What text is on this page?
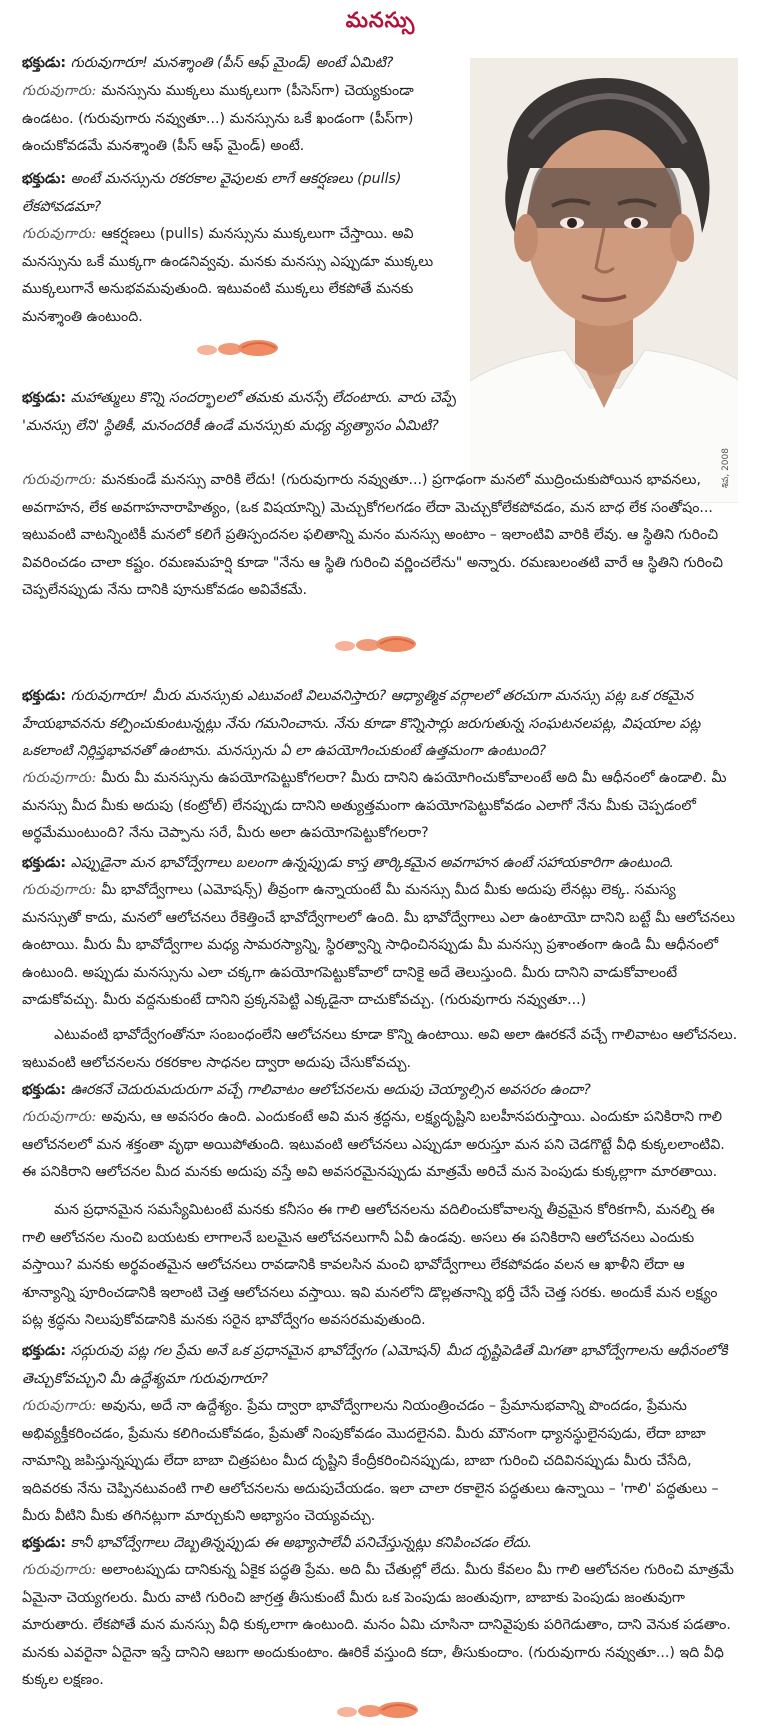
మనస్సు
శివ, 2008

భక్తుడు: గురువుగారూ! మనశ్శాంతి (పీస్ ఆఫ్ మైండ్) అంటే ఏమిటి?

గురువుగారు: మనస్సును ముక్కలు ముక్కలుగా (పీసెస్‌గా) చెయ్యకుండా ఉండటం. (గురువుగారు నవ్వుతూ...) మనస్సును ఒకే ఖండంగా (పీస్‌గా) ఉంచుకోవడమే మనశ్శాంతి (పీస్ ఆఫ్ మైండ్) అంటే.

భక్తుడు: అంటే మనస్సును రకరకాల వైపులకు లాగే ఆకర్షణలు (pulls) లేకపోవడమా?

గురువుగారు: ఆకర్షణలు (pulls) మనస్సును ముక్కలుగా చేస్తాయి. అవి మనస్సును ఒకే ముక్కగా ఉండనివ్వవు. మనకు మనస్సు ఎప్పుడూ ముక్కలు ముక్కలుగానే అనుభవమవుతుంది. ఇటువంటి ముక్కలు లేకపోతే మనకు మనశ్శాంతి ఉంటుంది.

భక్తుడు: మహాత్ములు కొన్ని సందర్భాలలో తమకు మనస్సే లేదంటారు. వారు చెప్పే 'మనస్సు లేని' స్థితికీ, మనందరికీ ఉండే మనస్సుకు మధ్య వ్యత్యాసం ఏమిటి?

గురువుగారు: మనకుండే మనస్సు వారికి లేదు! (గురువుగారు నవ్వుతూ...) ప్రగాఢంగా మనలో ముద్రించుకుపోయిన భావనలు, అవగాహన, లేక అవగాహనారాహిత్యం, (ఒక విషయాన్ని) మెచ్చుకోగలగడం లేదా మెచ్చుకోలేకపోవడం, మన బాధ లేక సంతోషం... ఇటువంటి వాటన్నింటికీ మనలో కలిగే ప్రతిస్పందనల ఫలితాన్ని మనం మనస్సు అంటాం – ఇలాంటివి వారికి లేవు. ఆ స్థితిని గురించి వివరించడం చాలా కష్టం. రమణమహర్షి కూడా "నేను ఆ స్థితి గురించి వర్ణించలేను" అన్నారు. రమణులంతటి వారే ఆ స్థితిని గురించి చెప్పలేనప్పుడు నేను దానికి పూనుకోవడం అవివేకమే.

భక్తుడు: గురువుగారూ! మీరు మనస్సుకు ఎటువంటి విలువనిస్తారు? ఆధ్యాత్మిక వర్గాలలో తరచుగా మనస్సు పట్ల ఒక రకమైన హేయభావనను కల్పించుకుంటున్నట్లు నేను గమనించాను. నేను కూడా కొన్నిసార్లు జరుగుతున్న సంఘటనలపట్ల, విషయాల పట్ల ఒకలాంటి నిర్లిప్తభావనతో ఉంటాను. మనస్సును ఏ లా ఉపయోగించుకుంటే ఉత్తమంగా ఉంటుంది?

గురువుగారు: మీరు మీ మనస్సును ఉపయోగపెట్టుకోగలరా? మీరు దానిని ఉపయోగించుకోవాలంటే అది మీ ఆధీనంలో ఉండాలి. మీ మనస్సు మీద మీకు అదుపు (కంట్రోల్) లేనప్పుడు దానిని అత్యుత్తమంగా ఉపయోగపెట్టుకోవడం ఎలాగో నేను మీకు చెప్పడంలో అర్థమేముంటుంది? నేను చెప్పాను సరే, మీరు అలా ఉపయోగపెట్టుకోగలరా?

భక్తుడు: ఎప్పుడైనా మన భావోద్వేగాలు బలంగా ఉన్నప్పుడు కాస్త తార్కికమైన అవగాహన ఉంటే సహాయకారిగా ఉంటుంది.

గురువుగారు: మీ భావోద్వేగాలు (ఎమోషన్స్) తీవ్రంగా ఉన్నాయంటే మీ మనస్సు మీద మీకు అదుపు లేనట్లు లెక్క. సమస్య మనస్సుతో కాదు, మనలో ఆలోచనలు రేకెత్తించే భావోద్వేగాలలో ఉంది. మీ భావోద్వేగాలు ఎలా ఉంటాయో దానిని బట్టే మీ ఆలోచనలు ఉంటాయి. మీరు మీ భావోద్వేగాల మధ్య సామరస్యాన్ని, స్థిరత్వాన్ని సాధించినప్పుడు మీ మనస్సు ప్రశాంతంగా ఉండి మీ ఆధీనంలో ఉంటుంది. అప్పుడు మనస్సును ఎలా చక్కగా ఉపయోగపెట్టుకోవాలో దానికై అదే తెలుస్తుంది. మీరు దానిని వాడుకోవాలంటే వాడుకోవచ్చు. మీరు వద్దనుకుంటే దానిని ప్రక్కనపెట్టి ఎక్కడైనా దాచుకోవచ్చు. (గురువుగారు నవ్వుతూ...)

ఎటువంటి భావోద్వేగంతోనూ సంబంధంలేని ఆలోచనలు కూడా కొన్ని ఉంటాయి. అవి అలా ఊరకనే వచ్చే గాలివాటం ఆలోచనలు. ఇటువంటి ఆలోచనలను రకరకాల సాధనల ద్వారా అదుపు చేసుకోవచ్చు.

భక్తుడు: ఊరకనే చెదురుమదురుగా వచ్చే గాలివాటం ఆలోచనలను అదుపు చెయ్యాల్సిన అవసరం ఉందా?

గురువుగారు: అవును, ఆ అవసరం ఉంది. ఎందుకంటే అవి మన శ్రద్ధను, లక్ష్యదృష్టిని బలహీనపరుస్తాయి. ఎందుకూ పనికిరాని గాలి ఆలోచనలలో మన శక్తంతా వృథా అయిపోతుంది. ఇటువంటి ఆలోచనలు ఎప్పుడూ అరుస్తూ మన పని చెడగొట్టే వీధి కుక్కలలాంటివి. ఈ పనికిరాని ఆలోచనల మీద మనకు అదుపు వస్తే అవి అవసరమైనప్పుడు మాత్రమే అరిచే మన పెంపుడు కుక్కల్లాగా మారతాయి.

మన ప్రధానమైన సమస్యేమిటంటే మనకు కనీసం ఈ గాలి ఆలోచనలను వదిలించుకోవాలన్న తీవ్రమైన కోరికగానీ, మనల్ని ఈ గాలి ఆలోచనల నుంచి బయటకు లాగాలనే బలమైన ఆలోచనలుగానీ ఏవీ ఉండవు. అసలు ఈ పనికిరాని ఆలోచనలు ఎందుకు వస్తాయి? మనకు అర్థవంతమైన ఆలోచనలు రావడానికి కావలసిన మంచి భావోద్వేగాలు లేకపోవడం వలన ఆ ఖాళీని లేదా ఆ శూన్యాన్ని పూరించడానికి ఇలాంటి చెత్త ఆలోచనలు వస్తాయి. ఇవి మనలోని డొల్లతనాన్ని భర్తీ చేసే చెత్త సరకు. అందుకే మన లక్ష్యం పట్ల శ్రద్ధను నిలుపుకోవడానికి మనకు సరైన భావోద్వేగం అవసరమవుతుంది.

భక్తుడు: సద్గురువు పట్ల గల ప్రేమ అనే ఒక ప్రధానమైన భావోద్వేగం (ఎమోషన్) మీద దృష్టిపెడితే మిగతా భావోద్వేగాలను ఆధీనంలోకి తెచ్చుకోవచ్చుని మీ ఉద్దేశ్యమా గురువుగారూ?

గురువుగారు: అవును, అదే నా ఉద్దేశ్యం. ప్రేమ ద్వారా భావోద్వేగాలను నియంత్రించడం – ప్రేమానుభవాన్ని పొందడం, ప్రేమను అభివ్యక్తీకరించడం, ప్రేమను కలిగించుకోవడం, ప్రేమతో నింపుకోవడం మొదలైనవి. మీరు మౌనంగా ధ్యానస్థులైనపుడు, లేదా బాబా నామాన్ని జపిస్తున్నప్పుడు లేదా బాబా చిత్రపటం మీద దృష్టిని కేంద్రీకరించినప్పుడు, బాబా గురించి చదివినప్పుడు మీరు చేసేది, ఇదివరకు నేను చెప్పినటువంటి గాలి ఆలోచనలను అదుపుచేయడం. ఇలా చాలా రకాలైన పద్ధతులు ఉన్నాయి – 'గాలి' పద్ధతులు – మీరు వీటిని మీకు తగినట్లుగా మార్చుకుని అభ్యాసం చెయ్యవచ్చు.

భక్తుడు: కానీ భావోద్వేగాలు దెబ్బతిన్నప్పుడు ఈ అభ్యాసాలేవీ పనిచేస్తున్నట్లు కనిపించడం లేదు.

గురువుగారు: అలాంటప్పుడు దానికున్న ఏకైక పద్ధతి ప్రేమ. అది మీ చేతుల్లో లేదు. మీరు కేవలం మీ గాలి ఆలోచనల గురించి మాత్రమే ఏమైనా చెయ్యగలరు. మీరు వాటి గురించి జాగ్రత్త తీసుకుంటే మీరు ఒక పెంపుడు జంతువుగా, బాబాకు పెంపుడు జంతువుగా మారుతారు. లేకపోతే మన మనస్సు వీధి కుక్కలాగా ఉంటుంది. మనం ఏమి చూసినా దానివైపుకు పరిగెడుతాం, దాని వెనుక పడతాం. మనకు ఎవరైనా ఏదైనా ఇస్తే దానిని ఆబగా అందుకుంటాం. ఊరికే వస్తుంది కదా, తీసుకుందాం. (గురువుగారు నవ్వుతూ...) ఇది వీధి కుక్కల లక్షణం.
